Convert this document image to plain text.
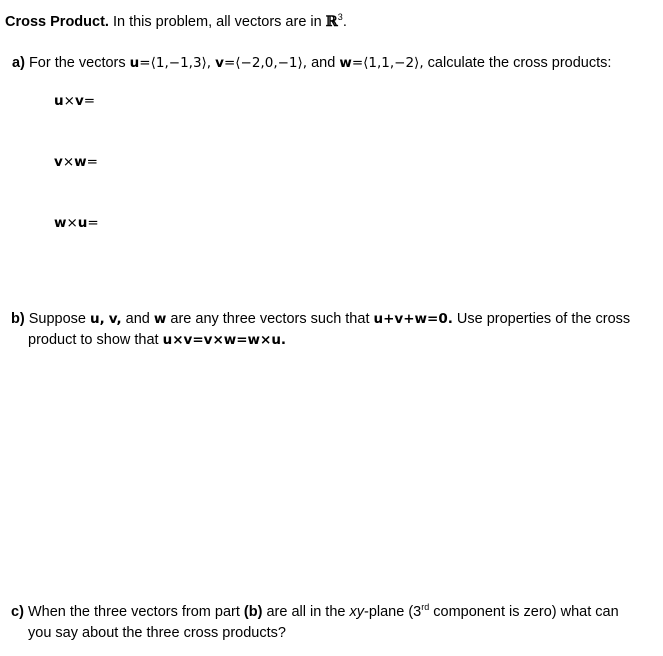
Cross Product. In this problem, all vectors are in ℝ$^3$.
a) For the vectors u=⟨1,−1,3⟩, v=⟨−2,0,−1⟩, and w=⟨1,1,−2⟩, calculate the cross products:
u×v=
v×w=
w×u=
b) Suppose u, v, and w are any three vectors such that u+v+w=0. Use properties of the cross
product to show that u×v=v×w=w×u.
c) When the three vectors from part (b) are all in the xy-plane (3rd component is zero) what can
you say about the three cross products?
